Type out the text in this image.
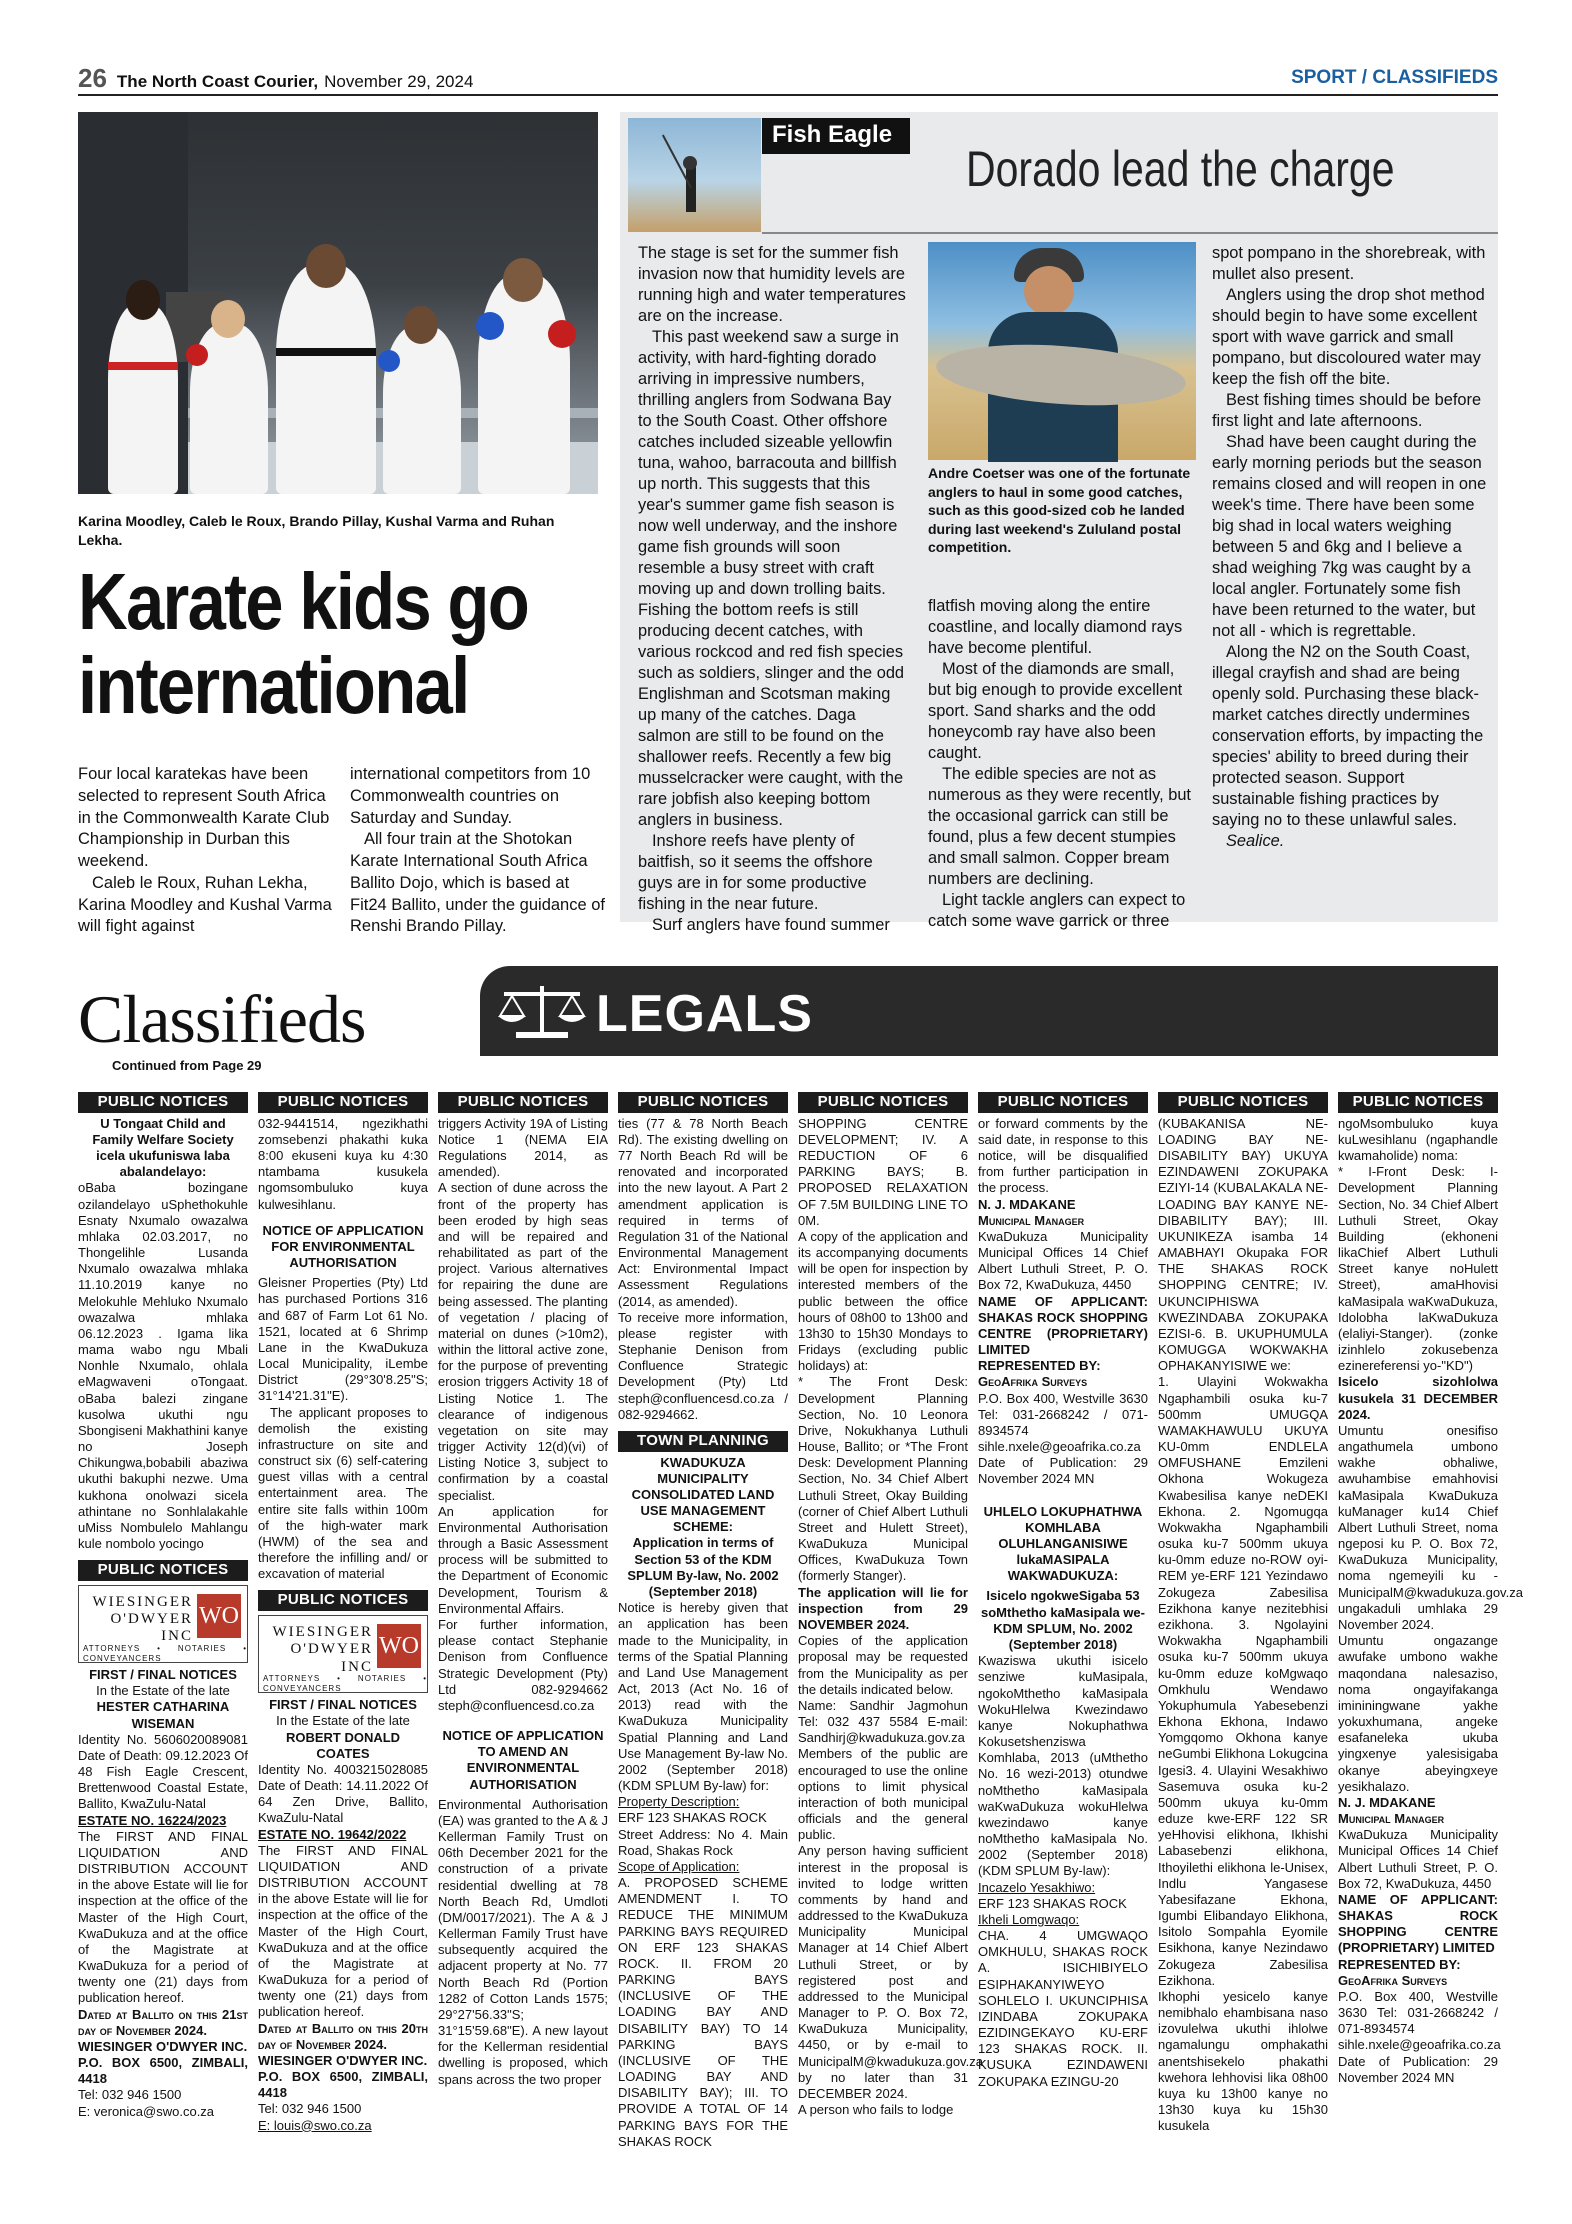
26 The North Coast Courier, November 29, 2024	SPORT / CLASSIFIEDS
Karina Moodley, Caleb le Roux, Brando Pillay, Kushal Varma and Ruhan Lekha.
Karate kids go
international

Four local karatekas have been selected to represent South Africa in the Commonwealth Karate Club Championship in Durban this weekend.

Caleb le Roux, Ruhan Lekha, Karina Moodley and Kushal Varma will fight against

international competitors from 10 Commonwealth countries on Saturday and Sunday.

All four train at the Shotokan Karate International South Africa Ballito Dojo, which is based at Fit24 Ballito, under the guidance of Renshi Brando Pillay.

Fish Eagle
Dorado lead the charge

The stage is set for the summer fish invasion now that humidity levels are running high and water temperatures are on the increase.

This past weekend saw a surge in activity, with hard-fighting dorado arriving in impressive numbers, thrilling anglers from Sodwana Bay to the South Coast. Other offshore catches included sizeable yellowfin tuna, wahoo, barracouta and billfish up north. This suggests that this year's summer game fish season is now well underway, and the inshore game fish grounds will soon resemble a busy street with craft moving up and down trolling baits. Fishing the bottom reefs is still producing decent catches, with various rockcod and red fish species such as soldiers, slinger and the odd Englishman and Scotsman making up many of the catches. Daga salmon are still to be found on the shallower reefs. Recently a few big musselcracker were caught, with the rare jobfish also keeping bottom anglers in business.

Inshore reefs have plenty of baitfish, so it seems the offshore guys are in for some productive fishing in the near future.

Surf anglers have found summer

Andre Coetser was one of the fortunate anglers to haul in some good catches, such as this good-sized cob he landed during last weekend's Zululand postal competition.

flatfish moving along the entire coastline, and locally diamond rays have become plentiful.

Most of the diamonds are small, but big enough to provide excellent sport. Sand sharks and the odd honeycomb ray have also been caught.

The edible species are not as numerous as they were recently, but the occasional garrick can still be found, plus a few decent stumpies and small salmon. Copper bream numbers are declining.

Light tackle anglers can expect to catch some wave garrick or three

spot pompano in the shorebreak, with mullet also present.

Anglers using the drop shot method should begin to have some excellent sport with wave garrick and small pompano, but discoloured water may keep the fish off the bite.

Best fishing times should be before first light and late afternoons.

Shad have been caught during the early morning periods but the season remains closed and will reopen in one week's time. There have been some big shad in local waters weighing between 5 and 6kg and I believe a shad weighing 7kg was caught by a local angler. Fortunately some fish have been returned to the water, but not all - which is regrettable.

Along the N2 on the South Coast, illegal crayfish and shad are being openly sold. Purchasing these black-market catches directly undermines conservation efforts, by impacting the species' ability to breed during their protected season. Support sustainable fishing practices by saying no to these unlawful sales.

Sealice.

Classifieds	LEGALS
Continued from Page 29
PUBLIC NOTICES
U Tongaat Child and Family Welfare Society icela ukufuniswa laba abalandelayo:
oBaba bozingane ozilandelayo uSphethokuhle Esnaty Nxumalo owazalwa mhlaka 02.03.2017, no Thongelihle Lusanda Nxumalo owazalwa mhlaka 11.10.2019 kanye no Melokuhle Mehluko Nxumalo owazalwa mhlaka 06.12.2023 . Igama lika mama wabo ngu Mbali Nonhle Nxumalo, ohlala eMagwaveni oTongaat. oBaba balezi zingane kusolwa ukuthi ngu Sbongiseni Makhathini kanye no Joseph Chikungwa,bobabili abaziwa ukuthi bakuphi nezwe. Uma kukhona onolwazi sicela athintane no Sonhlalakahle uMiss Nombulelo Mahlangu kule nombolo yocingo
PUBLIC NOTICES
WIESINGER O'DWYER INC
WO
ATTORNEYS • NOTARIES • CONVEYANCERS
FIRST / FINAL NOTICES
In the Estate of the late
HESTER CATHARINA WISEMAN
Identity No. 5606020089081 Date of Death: 09.12.2023 Of 48 Fish Eagle Crescent, Brettenwood Coastal Estate, Ballito, KwaZulu-Natal
ESTATE NO. 16224/2023
The FIRST AND FINAL LIQUIDATION AND DISTRIBUTION ACCOUNT in the above Estate will lie for inspection at the office of the Master of the High Court, KwaDukuza and at the office of the Magistrate at KwaDukuza for a period of twenty one (21) days from publication hereof.
Dated at Ballito on this 21st day of November 2024.
WIESINGER O'DWYER INC.
P.O. BOX 6500, ZIMBALI, 4418
Tel: 032 946 1500
E: veronica@swo.co.za
PUBLIC NOTICES
032-9441514, ngezikhathi zomsebenzi phakathi kuka 8:00 ekuseni kuya ku 4:30 ntambama kusukela ngomsombuluko kuya kulwesihlanu.
NOTICE OF APPLICATION FOR ENVIRONMENTAL AUTHORISATION
Gleisner Properties (Pty) Ltd has purchased Portions 316 and 687 of Farm Lot 61 No. 1521, located at 6 Shrimp Lane in the KwaDukuza Local Municipality, iLembe District (29°30'8.25"S; 31°14'21.31"E).
The applicant proposes to demolish the existing infrastructure on site and construct six (6) self-catering guest villas with a central entertainment area. The entire site falls within 100m of the high-water mark (HWM) of the sea and therefore the infilling and/ or excavation of material
PUBLIC NOTICES
WIESINGER O'DWYER INC
WO
ATTORNEYS • NOTARIES • CONVEYANCERS
FIRST / FINAL NOTICES
In the Estate of the late
ROBERT DONALD COATES
Identity No. 4003215028085 Date of Death: 14.11.2022 Of 64 Zen Drive, Ballito, KwaZulu-Natal
ESTATE NO. 19642/2022
The FIRST AND FINAL LIQUIDATION AND DISTRIBUTION ACCOUNT in the above Estate will lie for inspection at the office of the Master of the High Court, KwaDukuza and at the office of the Magistrate at KwaDukuza for a period of twenty one (21) days from publication hereof.
Dated at Ballito on this 20th day of November 2024.
WIESINGER O'DWYER INC.
P.O. BOX 6500, ZIMBALI, 4418
Tel: 032 946 1500
E: louis@swo.co.za
PUBLIC NOTICES
triggers Activity 19A of Listing Notice 1 (NEMA EIA Regulations 2014, as amended).
A section of dune across the front of the property has been eroded by high seas and will be repaired and rehabilitated as part of the project. Various alternatives for repairing the dune are being assessed. The planting of vegetation / placing of material on dunes (>10m2), within the littoral active zone, for the purpose of preventing erosion triggers Activity 18 of Listing Notice 1. The clearance of indigenous vegetation on site may trigger Activity 12(d)(vi) of Listing Notice 3, subject to confirmation by a coastal specialist.
An application for Environmental Authorisation through a Basic Assessment process will be submitted to the Department of Economic Development, Tourism & Environmental Affairs.
For further information, please contact Stephanie Denison from Confluence Strategic Development (Pty) Ltd 082-9294662 steph@confluencesd.co.za
NOTICE OF APPLICATION TO AMEND AN ENVIRONMENTAL AUTHORISATION
Environmental Authorisation (EA) was granted to the A & J Kellerman Family Trust on 06th December 2021 for the construction of a private residential dwelling at 78 North Beach Rd, Umdloti (DM/0017/2021). The A & J Kellerman Family Trust have subsequently acquired the adjacent property at No. 77 North Beach Rd (Portion 1282 of Cotton Lands 1575; 29°27'56.33"S; 31°15'59.68"E). A new layout for the Kellerman residential dwelling is proposed, which spans across the two proper
PUBLIC NOTICES
ties (77 & 78 North Beach Rd). The existing dwelling on 77 North Beach Rd will be renovated and incorporated into the new layout. A Part 2 amendment application is required in terms of Regulation 31 of the National Environmental Management Act: Environmental Impact Assessment Regulations (2014, as amended).
To receive more information, please register with Stephanie Denison from Confluence Strategic Development (Pty) Ltd steph@confluencesd.co.za / 082-9294662.
TOWN PLANNING
KWADUKUZA MUNICIPALITY CONSOLIDATED LAND USE MANAGEMENT SCHEME:
Application in terms of Section 53 of the KDM SPLUM By-law, No. 2002 (September 2018)
Notice is hereby given that an application has been made to the Municipality, in terms of the Spatial Planning and Land Use Management Act, 2013 (Act No. 16 of 2013) read with the KwaDukuza Municipality Spatial Planning and Land Use Management By-law No. 2002 (September 2018) (KDM SPLUM By-law) for:
Property Description:
ERF 123 SHAKAS ROCK
Street Address: No 4. Main Road, Shakas Rock
Scope of Application:
A. PROPOSED SCHEME AMENDMENT I. TO REDUCE THE MINIMUM PARKING BAYS REQUIRED ON ERF 123 SHAKAS ROCK. II. FROM 20 PARKING BAYS (INCLUSIVE OF THE LOADING BAY AND DISABILITY BAY) TO 14 PARKING BAYS (INCLUSIVE OF THE LOADING BAY AND DISABILITY BAY); III. TO PROVIDE A TOTAL OF 14 PARKING BAYS FOR THE SHAKAS ROCK
PUBLIC NOTICES
SHOPPING CENTRE DEVELOPMENT; IV. A REDUCTION OF 6 PARKING BAYS; B. PROPOSED RELAXATION OF 7.5M BUILDING LINE TO 0M.
A copy of the application and its accompanying documents will be open for inspection by interested members of the public between the office hours of 08h00 to 13h00 and 13h30 to 15h30 Mondays to Fridays (excluding public holidays) at:
* The Front Desk: Development Planning Section, No. 10 Leonora Drive, Nokukhanya Luthuli House, Ballito; or *The Front Desk: Development Planning Section, No. 34 Chief Albert Luthuli Street, Okay Building (corner of Chief Albert Luthuli Street and Hulett Street), KwaDukuza Municipal Offices, KwaDukuza Town (formerly Stanger).
The application will lie for inspection from 29 NOVEMBER 2024.
Copies of the application proposal may be requested from the Municipality as per the details indicated below.
Name: Sandhir Jagmohun Tel: 032 437 5584 E-mail: Sandhirj@kwadukuza.gov.za
Members of the public are encouraged to use the online options to limit physical interaction of both municipal officials and the general public.
Any person having sufficient interest in the proposal is invited to lodge written comments by hand and addressed to the KwaDukuza Municipality Municipal Manager at 14 Chief Albert Luthuli Street, or by registered post and addressed to the Municipal Manager to P. O. Box 72, KwaDukuza Municipality, 4450, or by e-mail to MunicipalM@kwadukuza.gov.za by no later than 31 DECEMBER 2024.
A person who fails to lodge
PUBLIC NOTICES
or forward comments by the said date, in response to this notice, will be disqualified from further participation in the process.
N. J. MDAKANE
Municipal Manager
KwaDukuza Municipality Municipal Offices 14 Chief Albert Luthuli Street, P. O. Box 72, KwaDukuza, 4450
NAME OF APPLICANT: SHAKAS ROCK SHOPPING CENTRE (PROPRIETARY) LIMITED
REPRESENTED BY:
GeoAfrika Surveys
P.O. Box 400, Westville 3630 Tel: 031-2668242 / 071-8934574 sihle.nxele@geoafrika.co.za
Date of Publication: 29 November 2024 MN
UHLELO LOKUPHATHWA KOMHLABA OLUHLANGANISIWE lukaMASIPALA WAKWADUKUZA:
Isicelo ngokweSigaba 53 soMthetho kaMasipala we-KDM SPLUM, No. 2002 (September 2018)
Kwaziswa ukuthi isicelo senziwe kuMasipala, ngokoMthetho kaMasipala WokuHlelwa Kwezindawo kanye Nokuphathwa Kokusetshenziswa Komhlaba, 2013 (uMthetho No. 16 wezi-2013) otundwe noMthetho kaMasipala waKwaDukuza wokuHlelwa kwezindawo kanye noMthetho kaMasipala No. 2002 (September 2018) (KDM SPLUM By-law):
Incazelo Yesakhiwo:
ERF 123 SHAKAS ROCK
Ikheli Lomgwaqo:
CHA. 4 UMGWAQO OMKHULU, SHAKAS ROCK A. ISICHIBIYELO ESIPHAKANYIWEYO SOHLELO I. UKUNCIPHISA IZINDABA ZOKUPAKA EZIDINGEKAYO KU-ERF 123 SHAKAS ROCK. II. KUSUKA EZINDAWENI ZOKUPAKA EZINGU-20
PUBLIC NOTICES
(KUBAKANISA NE-LOADING BAY NE-DISABILITY BAY) UKUYA EZINDAWENI ZOKUPAKA EZIYI-14 (KUBALAKALA NE-LOADING BAY KANYE NE-DIBABILITY BAY); III. UKUNIKEZA isamba 14 AMABHAYI Okupaka FOR THE SHAKAS ROCK SHOPPING CENTRE; IV. UKUNCIPHISWA KWEZINDABA ZOKUPAKA EZISI-6. B. UKUPHUMULA KOMUGGA WOKWAKHA OPHAKANYISIWE we:
1. Ulayini Wokwakha Ngaphambili osuka ku-7 500mm UMUGQA WAMAKHAWULU UKUYA KU-0mm ENDLELA OMFUSHANE Emzileni Okhona Wokugeza Kwabesilisa kanye neDEKI Ekhona. 2. Ngomugqa Wokwakha Ngaphambili osuka ku-7 500mm ukuya ku-0mm eduze no-ROW oyi-REM ye-ERF 121 Yezindawo Zokugeza Zabesilisa Ezikhona kanye nezitebhisi ezikhona. 3. Ngolayini Wokwakha Ngaphambili osuka ku-7 500mm ukuya ku-0mm eduze koMgwaqo Omkhulu Wendawo Yokuphumula Yabesebenzi Ekhona Ekhona, Indawo Yomgqomo Okhona kanye neGumbi Elikhona Lokugcina Igesi3. 4. Ulayini Wesakhiwo Sasemuva osuka ku-2 500mm ukuya ku-0mm eduze kwe-ERF 122 SR yeHhovisi elikhona, Ikhishi Labasebenzi elikhona, Ithoyilethi elikhona le-Unisex, Indlu Yangasese Yabesifazane Ekhona, Igumbi Elibandayo Elikhona, Isitolo Sompahla Eyomile Esikhona, kanye Nezindawo Zokugeza Zabesilisa Ezikhona.
Ikhophi yesicelo kanye nemibhalo ehambisana naso izovulelwa ukuthi ihlolwe ngamalungu omphakathi anentshisekelo phakathi kwehora lehhovisi lika 08h00 kuya ku 13h00 kanye no 13h30 kuya ku 15h30 kusukela
PUBLIC NOTICES
ngoMsombuluko kuya kuLwesihlanu (ngaphandle kwamaholide) noma:
* I-Front Desk: I-Development Planning Section, No. 34 Chief Albert Luthuli Street, Okay Building (ekhoneni likaChief Albert Luthuli Street kanye noHulett Street), amaHhovisi kaMasipala waKwaDukuza, Idolobha laKwaDukuza (elaliyi-Stanger). (zonke izinhlelo zokusebenza ezinereferensi yo-"KD")
Isicelo sizohlolwa kusukela 31 DECEMBER 2024.
Umuntu onesifiso angathumela umbono wakhe obhaliwe, awuhambise emahhovisi kaMasipala KwaDukuza kuManager ku14 Chief Albert Luthuli Street, noma ngeposi ku P. O. Box 72, KwaDukuza Municipality, noma ngemeyili ku - MunicipalM@kwadukuza.gov.za ungakaduli umhlaka 29 November 2024.
Umuntu ongazange awufake umbono wakhe maqondana nalesaziso, noma ongayifakanga imininingwane yakhe yokuxhumana, angeke esafaneleka ukuba yingxenye yalesisigaba okanye abeyingxeye yesikhalazo.
N. J. MDAKANE
Municipal Manager
KwaDukuza Municipality Municipal Offices 14 Chief Albert Luthuli Street, P. O. Box 72, KwaDukuza, 4450
NAME OF APPLICANT: SHAKAS ROCK SHOPPING CENTRE (PROPRIETARY) LIMITED
REPRESENTED BY:
GeoAfrika Surveys
P.O. Box 400, Westville 3630 Tel: 031-2668242 / 071-8934574 sihle.nxele@geoafrika.co.za
Date of Publication: 29 November 2024 MN
